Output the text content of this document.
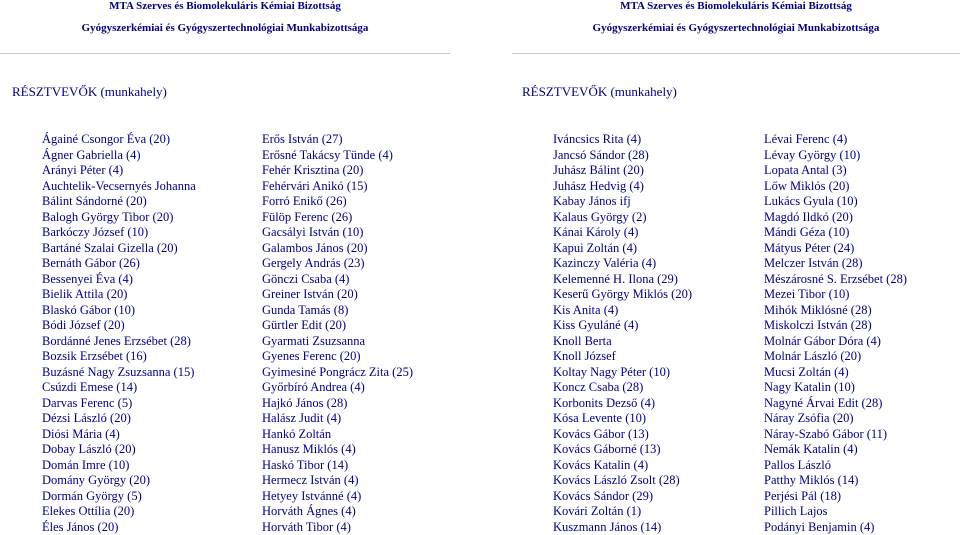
MTA Szerves és Biomolekuláris Kémiai Bizottság
Gyógyszerkémiai és Gyógyszertechnológiai Munkabizottsága
RÉSZTVEVŐK (munkahely)
Ágainé Csongor Éva (20)
Ágner Gabriella (4)
Arányi Péter (4)
Auchtelik-Vecsernyés Johanna
Bálint Sándorné (20)
Balogh György Tibor (20)
Barkóczy József (10)
Bartáné Szalai Gizella (20)
Bernáth Gábor (26)
Bessenyei Éva (4)
Bielik Attila (20)
Blaskó Gábor (10)
Bódi József (20)
Bordánné Jenes Erzsébet (28)
Bozsik Erzsébet (16)
Buzásné Nagy Zsuzsanna (15)
Csúzdi Emese (14)
Darvas Ferenc (5)
Dézsi László (20)
Diósi Mária (4)
Dobay László (20)
Domán Imre (10)
Domány György (20)
Dormán György (5)
Elekes Ottília (20)
Éles János (20)
Erős István (27)
Erősné Takácsy Tünde (4)
Fehér Krisztina (20)
Fehérvári Anikó (15)
Forró Enikő (26)
Fülöp Ferenc (26)
Gacsályi István (10)
Galambos János (20)
Gergely András (23)
Gönczi Csaba (4)
Greiner István (20)
Gunda Tamás (8)
Gürtler Edit (20)
Gyarmati Zsuzsanna
Gyenes Ferenc (20)
Gyimesiné Pongrácz Zita (25)
Győrbíró Andrea (4)
Hajkó János (28)
Halász Judit (4)
Hankó Zoltán
Hanusz Miklós (4)
Haskó Tibor (14)
Hermecz István (4)
Hetyey Istvánné (4)
Horváth Ágnes (4)
Horváth Tibor (4)
MTA Szerves és Biomolekuláris Kémiai Bizottság
Gyógyszerkémiai és Gyógyszertechnológiai Munkabizottsága
RÉSZTVEVŐK (munkahely)
Iváncsics Rita (4)
Jancsó Sándor (28)
Juhász Bálint (20)
Juhász Hedvig (4)
Kabay János ifj
Kalaus György (2)
Kánai Károly (4)
Kapui Zoltán (4)
Kazinczy Valéria (4)
Kelemenné H. Ilona (29)
Keserű György Miklós (20)
Kis Anita (4)
Kiss Gyuláné (4)
Knoll Berta
Knoll József
Koltay Nagy Péter (10)
Koncz Csaba (28)
Korbonits Dezső (4)
Kósa Levente (10)
Kovács Gábor (13)
Kovács Gáborné (13)
Kovács Katalin (4)
Kovács László Zsolt (28)
Kovács Sándor (29)
Kovári Zoltán (1)
Kuszmann János (14)
Lévai Ferenc (4)
Lévay György (10)
Lopata Antal (3)
Lőw Miklós (20)
Lukács Gyula (10)
Magdó Ildkó (20)
Mándi Géza (10)
Mátyus Péter (24)
Melczer István (28)
Mészárosné S. Erzsébet (28)
Mezei Tibor (10)
Mihók Miklósné (28)
Miskolczi István (28)
Molnár Gábor Dóra (4)
Molnár László (20)
Mucsi Zoltán (4)
Nagy Katalin (10)
Nagyné Árvai Edit (28)
Náray Zsófia (20)
Náray-Szabó Gábor (11)
Nemák Katalin (4)
Pallos László
Patthy Miklós (14)
Perjési Pál (18)
Pillich Lajos
Podányi Benjamin (4)
